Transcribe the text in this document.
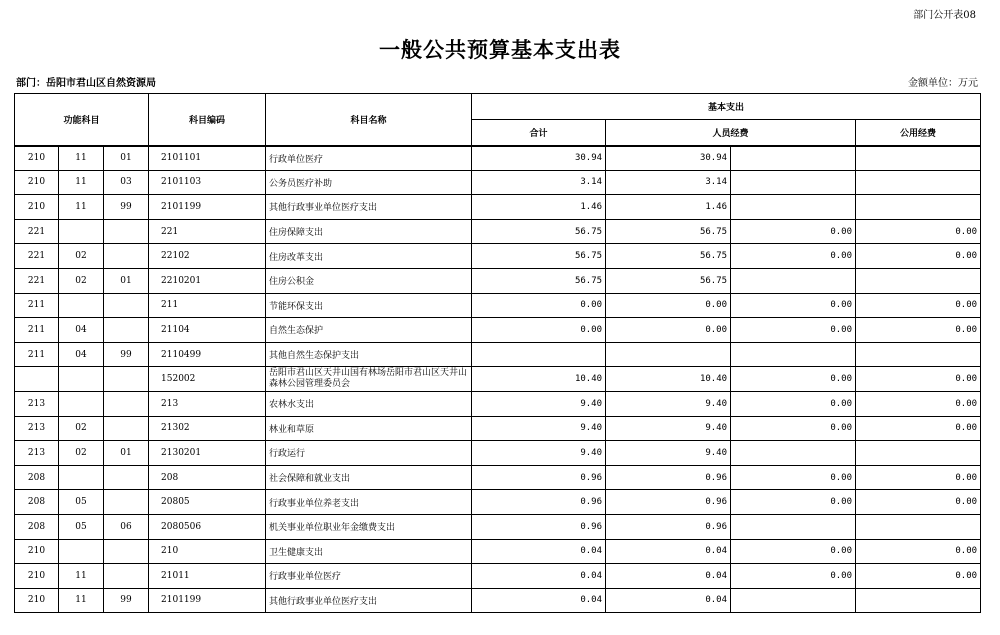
部门公开表08
一般公共预算基本支出表
部门：岳阳市君山区自然资源局	金额单位：万元
功能科目			科目编码	科目名称	基本支出			
					合计	人员经费		公用经费
210	11	01	2101101	行政单位医疗	30.94	30.94		
210	11	03	2101103	公务员医疗补助	3.14	3.14		
210	11	99	2101199	其他行政事业单位医疗支出	1.46	1.46		
221			221	住房保障支出	56.75	56.75	0.00	0.00
221	02		22102	住房改革支出	56.75	56.75	0.00	0.00
221	02	01	2210201	住房公积金	56.75	56.75		
211			211	节能环保支出	0.00	0.00	0.00	0.00
211	04		21104	自然生态保护	0.00	0.00	0.00	0.00
211	04	99	2110499	其他自然生态保护支出				
			152002	岳阳市君山区天井山国有林场岳阳市君山区天井山森林公园管理委员会	10.40	10.40	0.00	0.00
213			213	农林水支出	9.40	9.40	0.00	0.00
213	02		21302	林业和草原	9.40	9.40	0.00	0.00
213	02	01	2130201	行政运行	9.40	9.40		
208			208	社会保障和就业支出	0.96	0.96	0.00	0.00
208	05		20805	行政事业单位养老支出	0.96	0.96	0.00	0.00
208	05	06	2080506	机关事业单位职业年金缴费支出	0.96	0.96		
210			210	卫生健康支出	0.04	0.04	0.00	0.00
210	11		21011	行政事业单位医疗	0.04	0.04	0.00	0.00
210	11	99	2101199	其他行政事业单位医疗支出	0.04	0.04		
